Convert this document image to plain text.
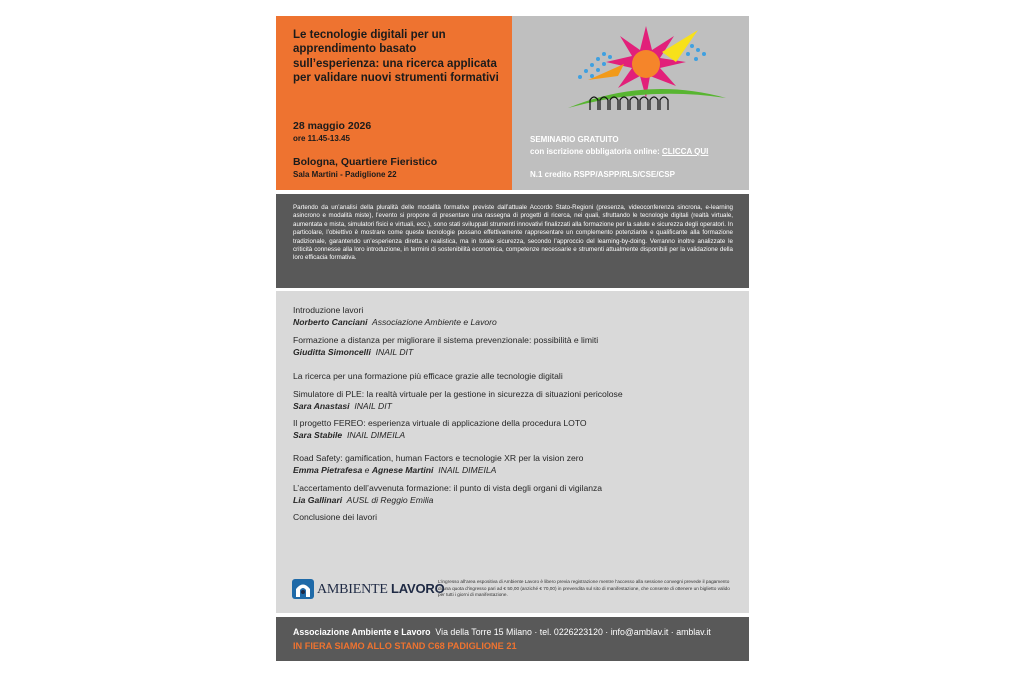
Le tecnologie digitali per un apprendimento basato sull’esperienza: una ricerca applicata per validare nuovi strumenti formativi
28 maggio 2026
ore 11.45-13.45
Bologna, Quartiere Fieristico
Sala Martini - Padiglione 22
SEMINARIO GRATUITO
con iscrizione obbligatoria online: CLICCA QUI
N.1 credito RSPP/ASPP/RLS/CSE/CSP

Partendo da un’analisi della pluralità delle modalità formative previste dall’attuale Accordo Stato-Regioni (presenza, videoconferenza sincrona, e-learning asincrono e modalità miste), l’evento si propone di presentare una rassegna di progetti di ricerca, nei quali, sfruttando le tecnologie digitali (realtà virtuale, aumentata e mista, simulatori fisici e virtuali, ecc.), sono stati sviluppati strumenti innovativi finalizzati alla formazione per la salute e sicurezza degli operatori. In particolare, l’obiettivo è mostrare come queste tecnologie possano effettivamente rappresentare un complemento potenziante e qualificante alla formazione tradizionale, garantendo un’esperienza diretta e realistica, ma in totale sicurezza, secondo l’approccio del learning-by-doing. Verranno inoltre analizzate le criticità connesse alla loro introduzione, in termini di sostenibilità economica, competenze necessarie e strumenti attualmente disponibili per la validazione della loro efficacia formativa.

Introduzione lavori
Norberto Canciani Associazione Ambiente e Lavoro
Formazione a distanza per migliorare il sistema prevenzionale: possibilità e limiti
Giuditta Simoncelli INAIL DIT
La ricerca per una formazione più efficace grazie alle tecnologie digitali
Simulatore di PLE: la realtà virtuale per la gestione in sicurezza di situazioni pericolose
Sara Anastasi INAIL DIT
Il progetto FEREO: esperienza virtuale di applicazione della procedura LOTO
Sara Stabile INAIL DIMEILA
Road Safety: gamification, human Factors e tecnologie XR per la vision zero
Emma Pietrafesa e Agnese Martini INAIL DIMEILA
L’accertamento dell’avvenuta formazione: il punto di vista degli organi di vigilanza
Lia Gallinari AUSL di Reggio Emilia
Conclusione dei lavori
AMBIENTE LAVORO
L’ingresso all’area espositiva di Ambiente Lavoro è libero previa registrazione mentre l’accesso alla sessione convegni prevede il pagamento di una quota d’ingresso pari ad € 50,00 (anziché € 70,00) in prevendita sul sito di manifestazione, che consente di ottenere un biglietto valido per tutti i giorni di manifestazione.
Associazione Ambiente e Lavoro Via della Torre 15 Milano · tel. 0226223120 · info@amblav.it · amblav.it
IN FIERA SIAMO ALLO STAND C68 PADIGLIONE 21
